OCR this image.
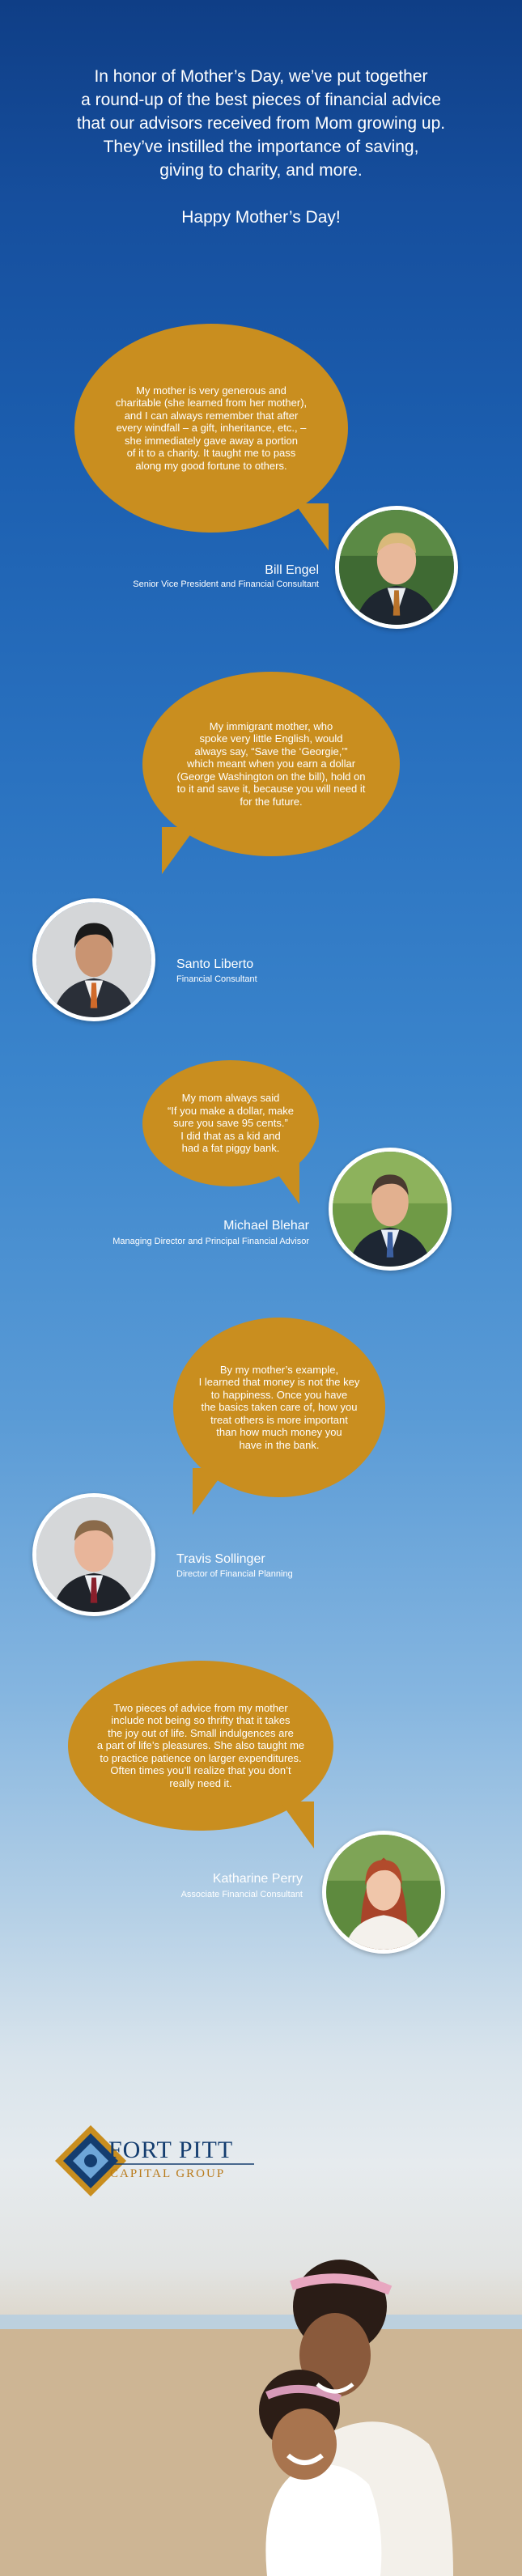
In honor of Mother’s Day, we’ve put together
a round-up of the best pieces of financial advice
that our advisors received from Mom growing up.
They’ve instilled the importance of saving,
giving to charity, and more.
Happy Mother’s Day!
My mother is very generous and
charitable (she learned from her mother),
and I can always remember that after
every windfall – a gift, inheritance, etc., –
she immediately gave away a portion
of it to a charity. It taught me to pass
along my good fortune to others.
Bill Engel
Senior Vice President and Financial Consultant
My immigrant mother, who
spoke very little English, would
always say, “Save the ‘Georgie,’”
which meant when you earn a dollar
(George Washington on the bill), hold on
to it and save it, because you will need it
for the future.
Santo Liberto
Financial Consultant
My mom always said
“If you make a dollar, make
sure you save 95 cents.”
I did that as a kid and
had a fat piggy bank.
Michael Blehar
Managing Director and Principal Financial Advisor
By my mother’s example,
I learned that money is not the key
to happiness. Once you have
the basics taken care of, how you
treat others is more important
than how much money you
have in the bank.
Travis Sollinger
Director of Financial Planning
Two pieces of advice from my mother
include not being so thrifty that it takes
the joy out of life. Small indulgences are
a part of life’s pleasures. She also taught me
to practice patience on larger expenditures.
Often times you’ll realize that you don’t
really need it.
Katharine Perry
Associate Financial Consultant
FORT PITT
CAPITAL GROUP
